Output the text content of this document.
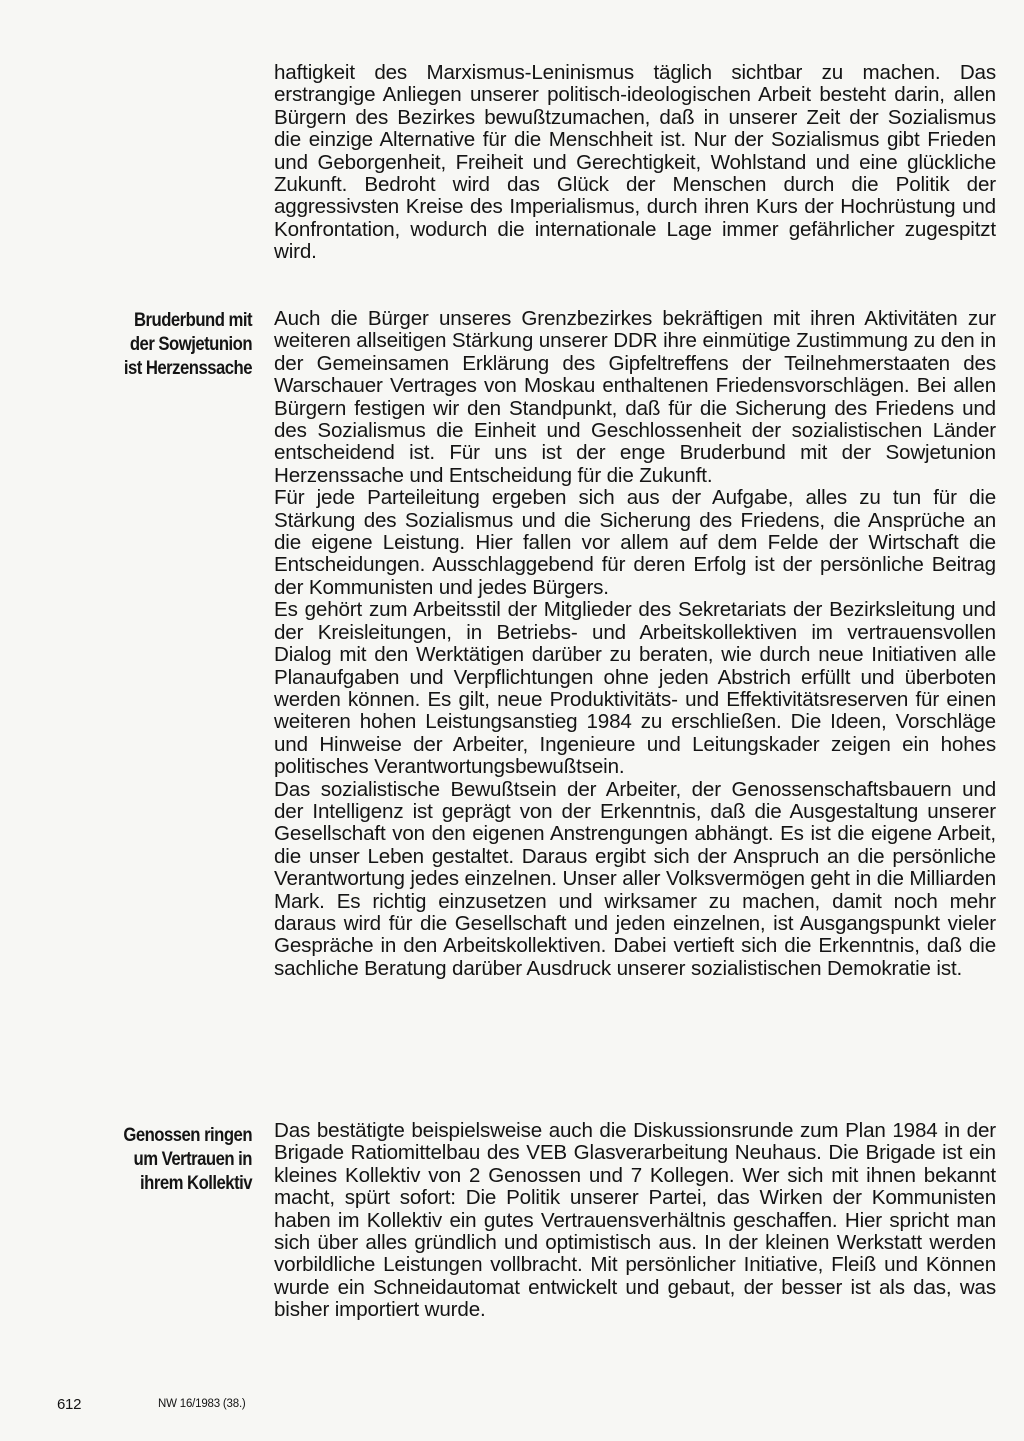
haftigkeit des Marxismus-Leninismus täglich sichtbar zu machen. Das erstrangige Anliegen unserer politisch-ideologischen Arbeit besteht darin, allen Bürgern des Bezirkes bewußtzumachen, daß in unserer Zeit der Sozialismus die einzige Alternative für die Menschheit ist. Nur der Sozialismus gibt Frieden und Geborgenheit, Freiheit und Gerechtigkeit, Wohlstand und eine glückliche Zukunft. Bedroht wird das Glück der Menschen durch die Politik der aggressivsten Kreise des Imperialismus, durch ihren Kurs der Hochrüstung und Konfrontation, wodurch die internationale Lage immer gefährlicher zugespitzt wird.

Bruderbund mit
der Sowjetunion
ist Herzenssache

Auch die Bürger unseres Grenzbezirkes bekräftigen mit ihren Aktivitäten zur weiteren allseitigen Stärkung unserer DDR ihre einmütige Zustimmung zu den in der Gemeinsamen Erklärung des Gipfeltreffens der Teilnehmerstaaten des Warschauer Vertrages von Moskau enthaltenen Friedensvorschlägen. Bei allen Bürgern festigen wir den Standpunkt, daß für die Sicherung des Friedens und des Sozialismus die Einheit und Geschlossenheit der sozialistischen Länder entscheidend ist. Für uns ist der enge Bruderbund mit der Sowjetunion Herzenssache und Entscheidung für die Zukunft.

Für jede Parteileitung ergeben sich aus der Aufgabe, alles zu tun für die Stärkung des Sozialismus und die Sicherung des Friedens, die Ansprüche an die eigene Leistung. Hier fallen vor allem auf dem Felde der Wirtschaft die Entscheidungen. Ausschlaggebend für deren Erfolg ist der persönliche Beitrag der Kommunisten und jedes Bürgers.

Es gehört zum Arbeitsstil der Mitglieder des Sekretariats der Bezirksleitung und der Kreisleitungen, in Betriebs- und Arbeitskollektiven im vertrauensvollen Dialog mit den Werktätigen darüber zu beraten, wie durch neue Initiativen alle Planaufgaben und Verpflichtungen ohne jeden Abstrich erfüllt und überboten werden können. Es gilt, neue Produktivitäts- und Effektivitätsreserven für einen weiteren hohen Leistungsanstieg 1984 zu erschließen. Die Ideen, Vorschläge und Hinweise der Arbeiter, Ingenieure und Leitungskader zeigen ein hohes politisches Verantwortungsbewußtsein.

Das sozialistische Bewußtsein der Arbeiter, der Genossenschaftsbauern und der Intelligenz ist geprägt von der Erkenntnis, daß die Ausgestaltung unserer Gesellschaft von den eigenen Anstrengungen abhängt. Es ist die eigene Arbeit, die unser Leben gestaltet. Daraus ergibt sich der Anspruch an die persönliche Verantwortung jedes einzelnen. Unser aller Volksvermögen geht in die Milliarden Mark. Es richtig einzusetzen und wirksamer zu machen, damit noch mehr daraus wird für die Gesellschaft und jeden einzelnen, ist Ausgangspunkt vieler Gespräche in den Arbeitskollektiven. Dabei vertieft sich die Erkenntnis, daß die sachliche Beratung darüber Ausdruck unserer sozialistischen Demokratie ist.

Genossen ringen
um Vertrauen in
ihrem Kollektiv

Das bestätigte beispielsweise auch die Diskussionsrunde zum Plan 1984 in der Brigade Ratiomittelbau des VEB Glasverarbeitung Neuhaus. Die Brigade ist ein kleines Kollektiv von 2 Genossen und 7 Kollegen. Wer sich mit ihnen bekannt macht, spürt sofort: Die Politik unserer Partei, das Wirken der Kommunisten haben im Kollektiv ein gutes Vertrauensverhältnis geschaffen. Hier spricht man sich über alles gründlich und optimistisch aus. In der kleinen Werkstatt werden vorbildliche Leistungen vollbracht. Mit persönlicher Initiative, Fleiß und Können wurde ein Schneidautomat entwickelt und gebaut, der besser ist als das, was bisher importiert wurde.

612	NW 16/1983 (38.)
